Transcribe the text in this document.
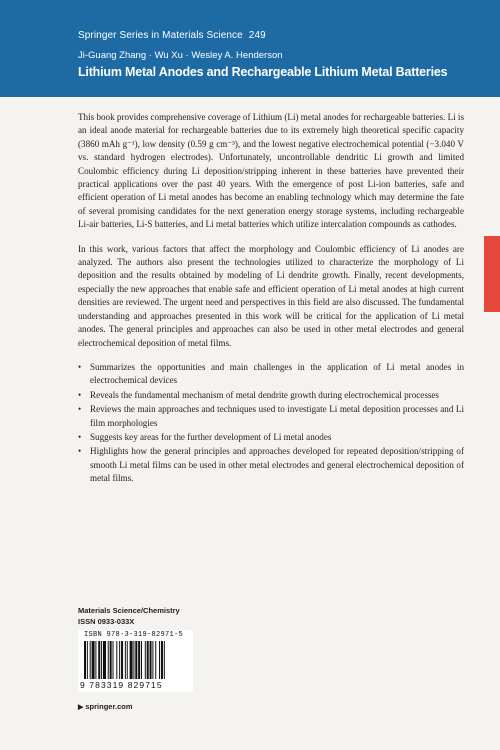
Springer Series in Materials Science 249
Ji-Guang Zhang · Wu Xu · Wesley A. Henderson
Lithium Metal Anodes and Rechargeable Lithium Metal Batteries

This book provides comprehensive coverage of Lithium (Li) metal anodes for rechargeable batteries. Li is an ideal anode material for rechargeable batteries due to its extremely high theoretical specific capacity (3860 mAh g⁻¹), low density (0.59 g cm⁻³), and the lowest negative electrochemical potential (−3.040 V vs. standard hydrogen electrodes). Unfortunately, uncontrollable dendritic Li growth and limited Coulombic efficiency during Li deposition/stripping inherent in these batteries have prevented their practical applications over the past 40 years. With the emergence of post Li-ion batteries, safe and efficient operation of Li metal anodes has become an enabling technology which may determine the fate of several promising candidates for the next generation energy storage systems, including rechargeable Li-air batteries, Li-S batteries, and Li metal batteries which utilize intercalation compounds as cathodes.

In this work, various factors that affect the morphology and Coulombic efficiency of Li anodes are analyzed. The authors also present the technologies utilized to characterize the morphology of Li deposition and the results obtained by modeling of Li dendrite growth. Finally, recent developments, especially the new approaches that enable safe and efficient operation of Li metal anodes at high current densities are reviewed. The urgent need and perspectives in this field are also discussed. The fundamental understanding and approaches presented in this work will be critical for the application of Li metal anodes. The general principles and approaches can also be used in other metal electrodes and general electrochemical deposition of metal films.

• Summarizes the opportunities and main challenges in the application of Li metal anodes in electrochemical devices
• Reveals the fundamental mechanism of metal dendrite growth during electrochemical processes
• Reviews the main approaches and techniques used to investigate Li metal deposition processes and Li film morphologies
• Suggests key areas for the further development of Li metal anodes
• Highlights how the general principles and approaches developed for repeated deposition/stripping of smooth Li metal films can be used in other metal electrodes and general electrochemical deposition of metal films.
Materials Science/Chemistry
ISSN 0933-033X
ISBN 978-3-319-82971-5
9 783319 829715
▶ springer.com
